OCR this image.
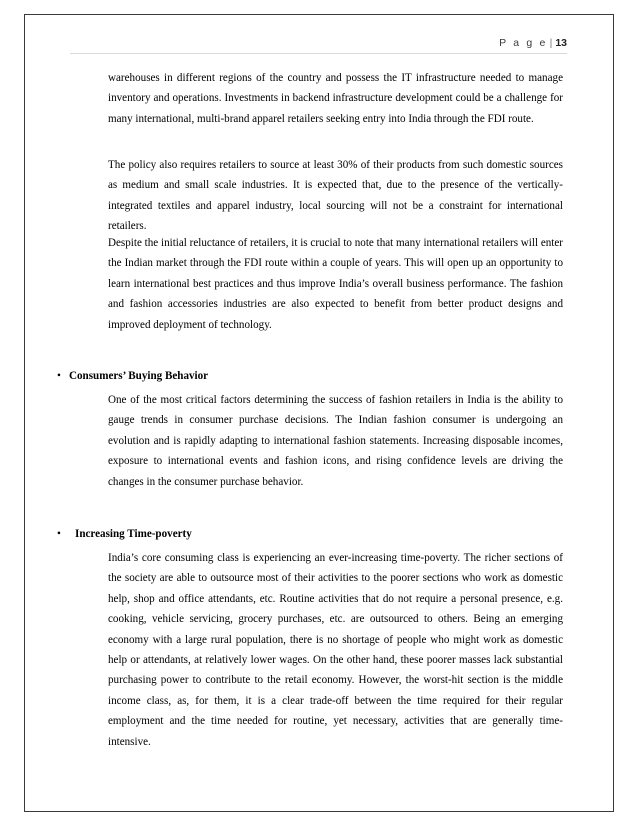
P a g e | 13

warehouses in different regions of the country and possess the IT infrastructure needed to manage inventory and operations. Investments in backend infrastructure development could be a challenge for many international, multi-brand apparel retailers seeking entry into India through the FDI route.

The policy also requires retailers to source at least 30% of their products from such domestic sources as medium and small scale industries. It is expected that, due to the presence of the vertically-integrated textiles and apparel industry, local sourcing will not be a constraint for international retailers.

Despite the initial reluctance of retailers, it is crucial to note that many international retailers will enter the Indian market through the FDI route within a couple of years. This will open up an opportunity to learn international best practices and thus improve India’s overall business performance. The fashion and fashion accessories industries are also expected to benefit from better product designs and improved deployment of technology.

• Consumers’ Buying Behavior

One of the most critical factors determining the success of fashion retailers in India is the ability to gauge trends in consumer purchase decisions. The Indian fashion consumer is undergoing an evolution and is rapidly adapting to international fashion statements. Increasing disposable incomes, exposure to international events and fashion icons, and rising confidence levels are driving the changes in the consumer purchase behavior.

• Increasing Time-poverty

India’s core consuming class is experiencing an ever-increasing time-poverty. The richer sections of the society are able to outsource most of their activities to the poorer sections who work as domestic help, shop and office attendants, etc. Routine activities that do not require a personal presence, e.g. cooking, vehicle servicing, grocery purchases, etc. are outsourced to others. Being an emerging economy with a large rural population, there is no shortage of people who might work as domestic help or attendants, at relatively lower wages. On the other hand, these poorer masses lack substantial purchasing power to contribute to the retail economy. However, the worst-hit section is the middle income class, as, for them, it is a clear trade-off between the time required for their regular employment and the time needed for routine, yet necessary, activities that are generally time-intensive.
